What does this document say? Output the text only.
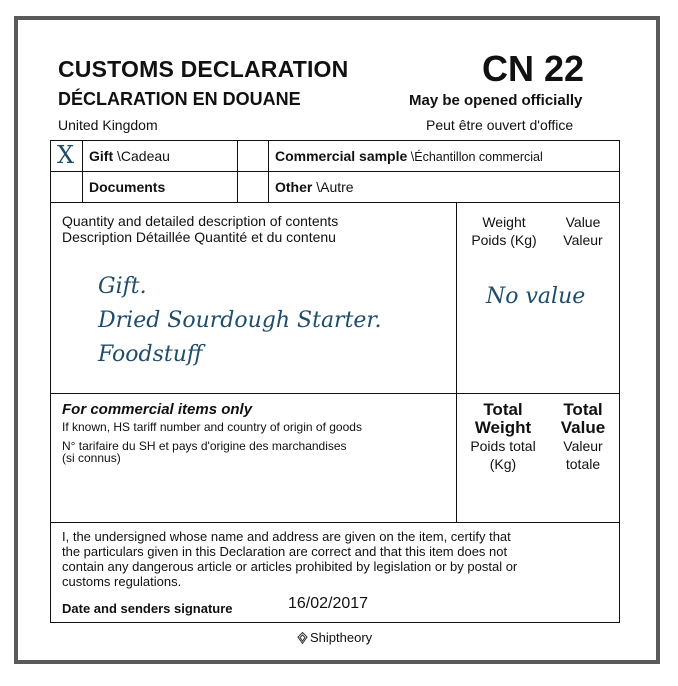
CUSTOMS DECLARATION
DÉCLARATION EN DOUANE
CN 22
United Kingdom
May be opened officially
Peut être ouvert d'office
X Gift \Cadeau
Documents
Commercial sample \Échantillon commercial
Other \Autre
Quantity and detailed description of contents
Description Détaillée Quantité et du contenu
Weight
Poids (Kg)
Value
Valeur
Gift.
Dried Sourdough Starter.
Foodstuff
No value
For commercial items only
If known, HS tariff number and country of origin of goods
N° tarifaire du SH et pays d'origine des marchandises
(si connus)
Total
Weight
Poids total
(Kg)
Total
Value
Valeur
totale
I, the undersigned whose name and address are given on the item, certify that
the particulars given in this Declaration are correct and that this item does not
contain any dangerous article or articles prohibited by legislation or by postal or
customs regulations.
Date and senders signature	16/02/2017
Shiptheory
